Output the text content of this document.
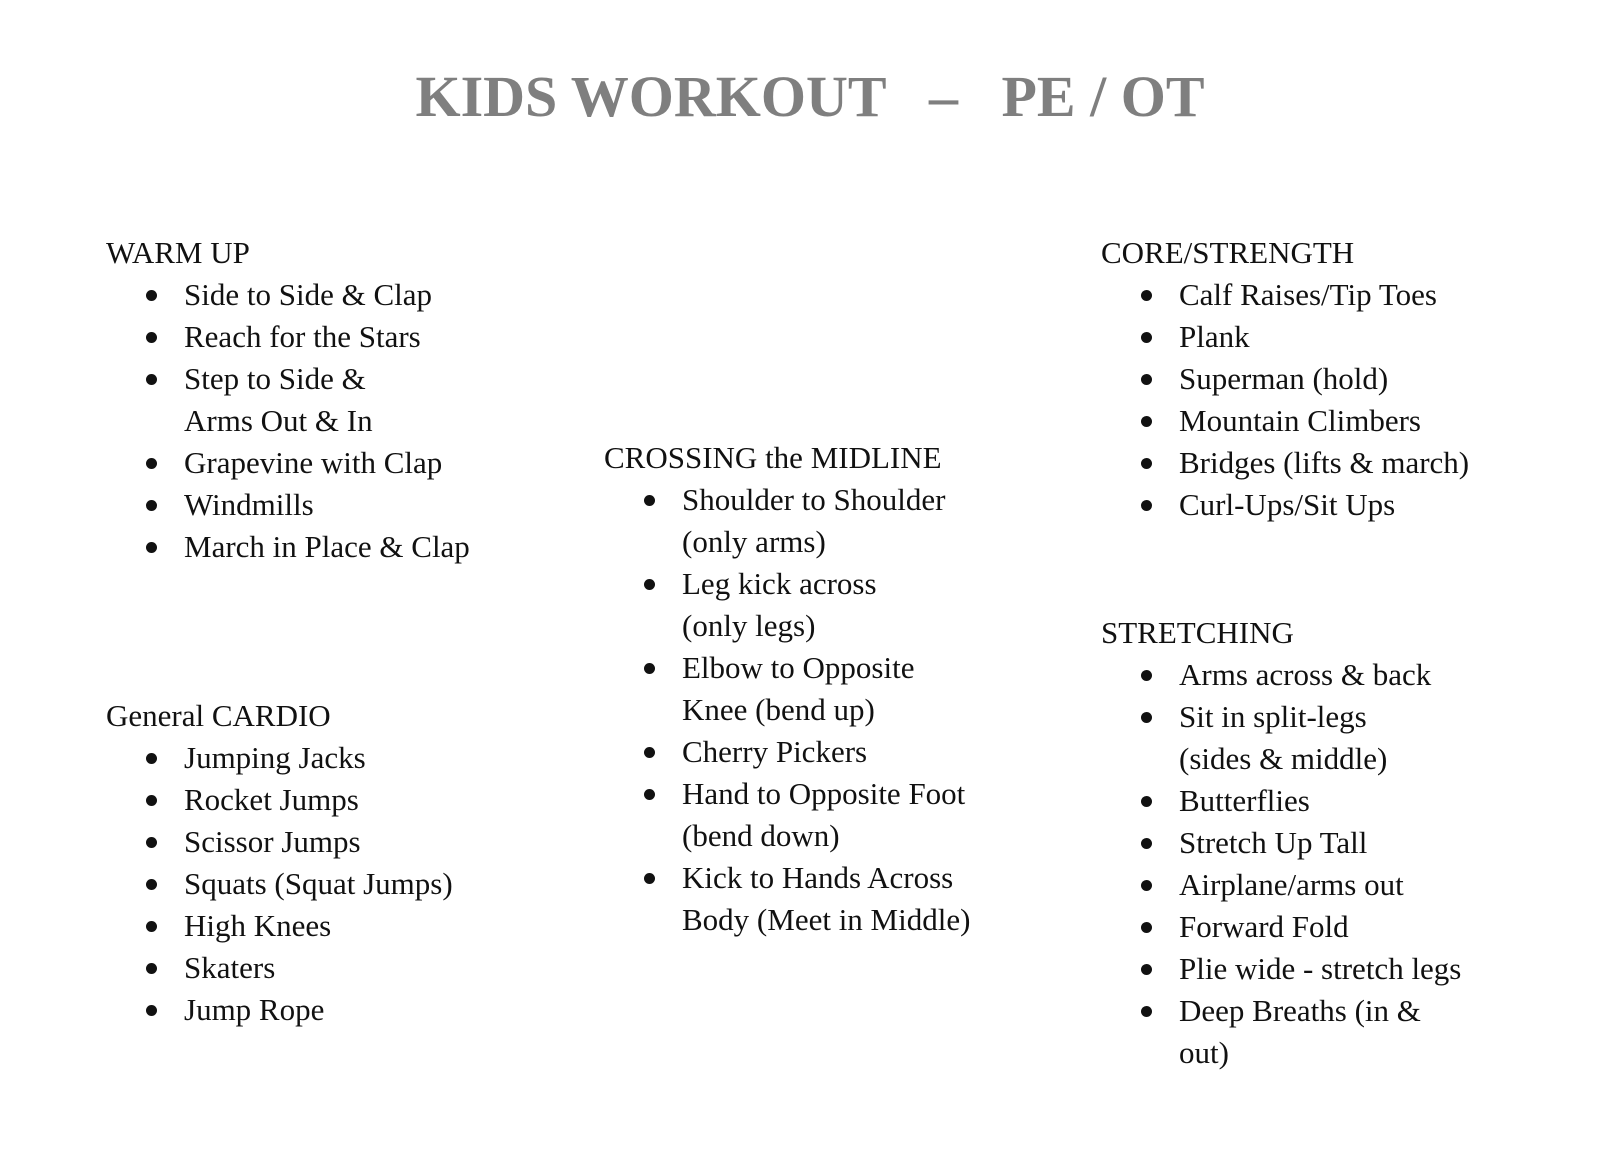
KIDS WORKOUT   –   PE / OT

WARM UP

Side to Side & Clap
Reach for the Stars
Step to Side &
Arms Out & In
Grapevine with Clap
Windmills
March in Place & Clap

General CARDIO

Jumping Jacks
Rocket Jumps
Scissor Jumps
Squats (Squat Jumps)
High Knees
Skaters
Jump Rope

CROSSING the MIDLINE

Shoulder to Shoulder
(only arms)
Leg kick across
(only legs)
Elbow to Opposite
Knee (bend up)
Cherry Pickers
Hand to Opposite Foot
(bend down)
Kick to Hands Across
Body (Meet in Middle)

CORE/STRENGTH

Calf Raises/Tip Toes
Plank
Superman (hold)
Mountain Climbers
Bridges (lifts & march)
Curl-Ups/Sit Ups

STRETCHING

Arms across & back
Sit in split-legs
(sides & middle)
Butterflies
Stretch Up Tall
Airplane/arms out
Forward Fold
Plie wide - stretch legs
Deep Breaths (in &
out)
